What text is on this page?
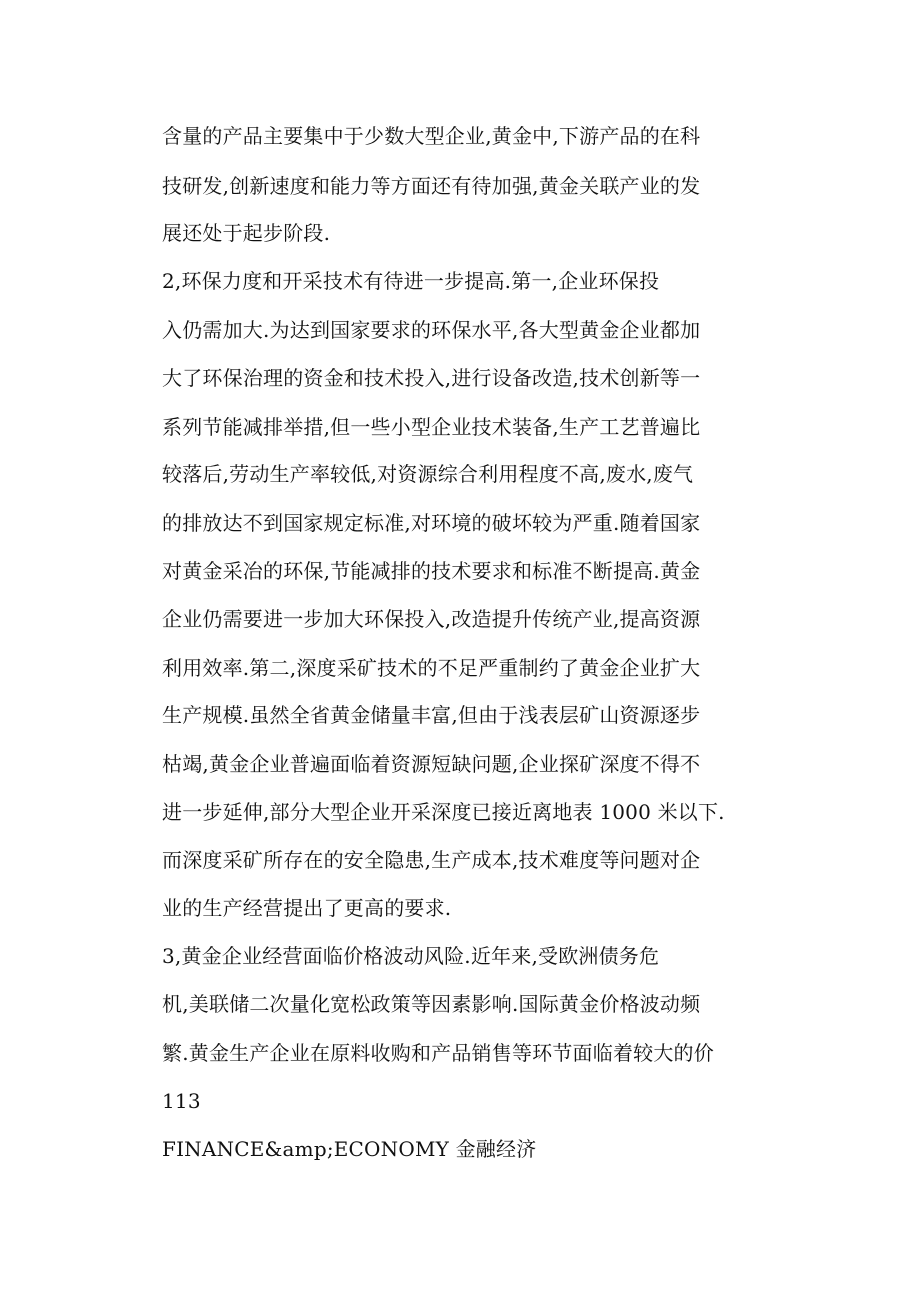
含量的产品主要集中于少数大型企业,黄金中,下游产品的在科
技研发,创新速度和能力等方面还有待加强,黄金关联产业的发
展还处于起步阶段.
2,环保力度和开采技术有待进一步提高.第一,企业环保投
入仍需加大.为达到国家要求的环保水平,各大型黄金企业都加
大了环保治理的资金和技术投入,进行设备改造,技术创新等一
系列节能减排举措,但一些小型企业技术装备,生产工艺普遍比
较落后,劳动生产率较低,对资源综合利用程度不高,废水,废气
的排放达不到国家规定标准,对环境的破坏较为严重.随着国家
对黄金采冶的环保,节能减排的技术要求和标准不断提高.黄金
企业仍需要进一步加大环保投入,改造提升传统产业,提高资源
利用效率.第二,深度采矿技术的不足严重制约了黄金企业扩大
生产规模.虽然全省黄金储量丰富,但由于浅表层矿山资源逐步
枯竭,黄金企业普遍面临着资源短缺问题,企业探矿深度不得不
进一步延伸,部分大型企业开采深度已接近离地表 1000 米以下.
而深度采矿所存在的安全隐患,生产成本,技术难度等问题对企
业的生产经营提出了更高的要求.
3,黄金企业经营面临价格波动风险.近年来,受欧洲债务危
机,美联储二次量化宽松政策等因素影响.国际黄金价格波动频
繁.黄金生产企业在原料收购和产品销售等环节面临着较大的价
113
FINANCE&amp;ECONOMY 金融经济
